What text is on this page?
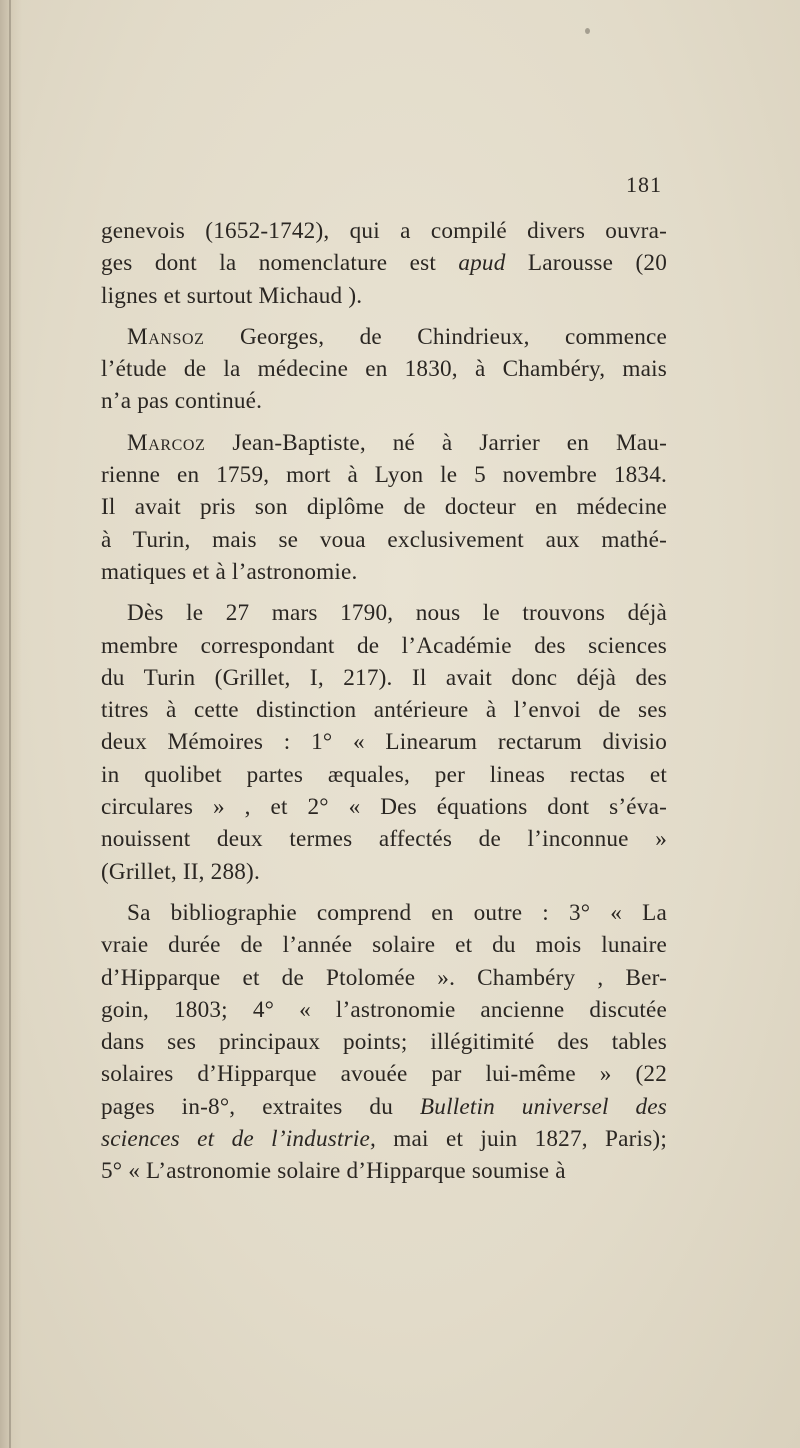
181
genevois (1652-1742), qui a compilé divers ouvra-
ges dont la nomenclature est apud Larousse (20
lignes et surtout Michaud ).
Mansoz Georges, de Chindrieux, commence
l’étude de la médecine en 1830, à Chambéry, mais
n’a pas continué.
Marcoz Jean-Baptiste, né à Jarrier en Mau-
rienne en 1759, mort à Lyon le 5 novembre 1834.
Il avait pris son diplôme de docteur en médecine
à Turin, mais se voua exclusivement aux mathé-
matiques et à l’astronomie.
Dès le 27 mars 1790, nous le trouvons déjà
membre correspondant de l’Académie des sciences
du Turin (Grillet, I, 217). Il avait donc déjà des
titres à cette distinction antérieure à l’envoi de ses
deux Mémoires : 1° « Linearum rectarum divisio
in quolibet partes æquales, per lineas rectas et
circulares » , et 2° « Des équations dont s’éva-
nouissent deux termes affectés de l’inconnue »
(Grillet, II, 288).
Sa bibliographie comprend en outre : 3° « La
vraie durée de l’année solaire et du mois lunaire
d’Hipparque et de Ptolomée ». Chambéry , Ber-
goin, 1803; 4° « l’astronomie ancienne discutée
dans ses principaux points; illégitimité des tables
solaires d’Hipparque avouée par lui-même » (22
pages in-8°, extraites du Bulletin universel des
sciences et de l’industrie, mai et juin 1827, Paris);
5° « L’astronomie solaire d’Hipparque soumise à
